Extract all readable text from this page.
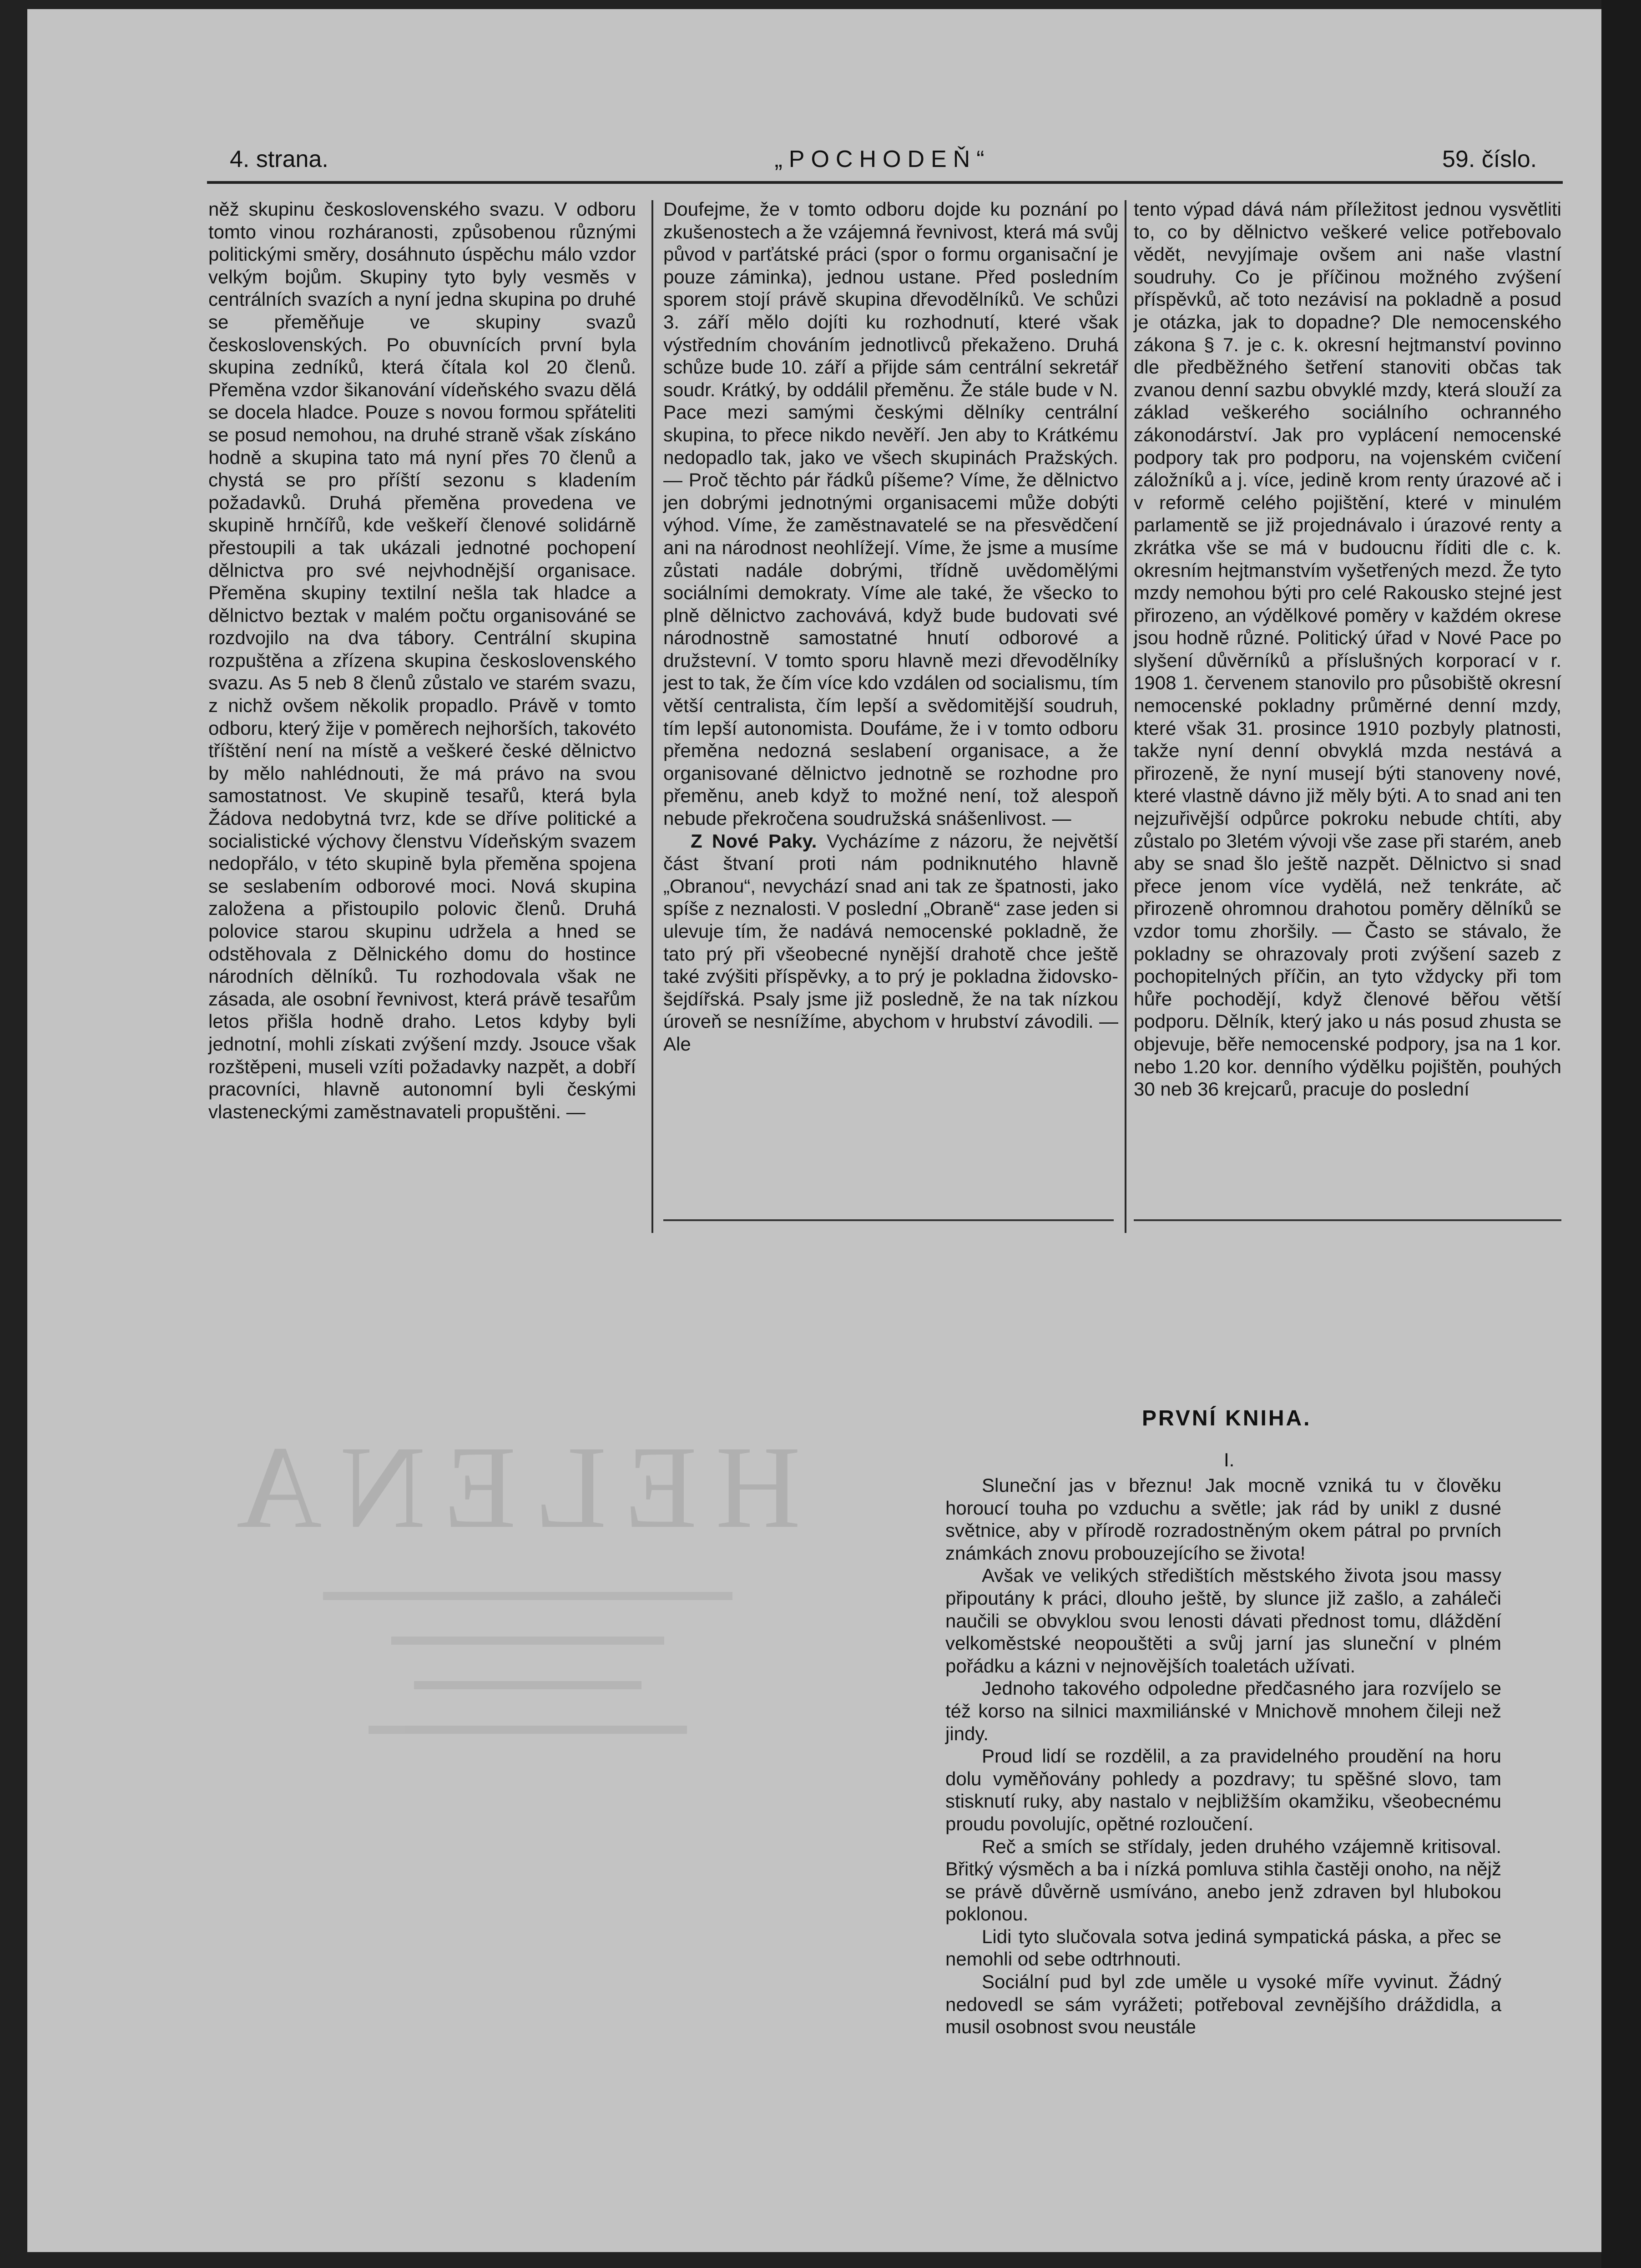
4. strana.	„POCHODEŇ“	59. číslo.

něž skupinu československého svazu. V odboru tomto vinou rozháranosti, způsobenou různými politickými směry, dosáhnuto úspěchu málo vzdor velkým bojům. Skupiny tyto byly vesměs v centrálních svazích a nyní jedna skupina po druhé se přeměňuje ve skupiny svazů československých. Po obuvnících první byla skupina zedníků, která čítala kol 20 členů. Přeměna vzdor šikanování vídeňského svazu dělá se docela hladce. Pouze s novou formou spřáteliti se posud nemohou, na druhé straně však získáno hodně a skupina tato má nyní přes 70 členů a chystá se pro příští sezonu s kladením požadavků. Druhá přeměna provedena ve skupině hrnčířů, kde veškeří členové solidárně přestoupili a tak ukázali jednotné pochopení dělnictva pro své nejvhodnější organisace. Přeměna skupiny textilní nešla tak hladce a dělnictvo beztak v malém počtu organisováné se rozdvojilo na dva tábory. Centrální skupina rozpuštěna a zřízena skupina československého svazu. As 5 neb 8 členů zůstalo ve starém svazu, z nichž ovšem několik propadlo. Právě v tomto odboru, který žije v poměrech nejhorších, takovéto tříštění není na místě a veškeré české dělnictvo by mělo nahlédnouti, že má právo na svou samostatnost. Ve skupině tesařů, která byla Žádova nedobytná tvrz, kde se dříve politické a socialistické výchovy členstvu Vídeňským svazem nedopřálo, v této skupině byla přeměna spojena se seslabením odborové moci. Nová skupina založena a přistoupilo polovic členů. Druhá polovice starou skupinu udržela a hned se odstěhovala z Dělnického domu do hostince národních dělníků. Tu rozhodovala však ne zásada, ale osobní řevnivost, která právě tesařům letos přišla hodně draho. Letos kdyby byli jednotní, mohli získati zvýšení mzdy. Jsouce však rozštěpeni, museli vzíti požadavky nazpět, a dobří pracovníci, hlavně autonomní byli českými vlasteneckými zaměstnavateli propuštěni. —

Doufejme, že v tomto odboru dojde ku poznání po zkušenostech a že vzájemná řevnivost, která má svůj původ v parťátské práci (spor o formu organisační je pouze záminka), jednou ustane. Před posledním sporem stojí právě skupina dřevodělníků. Ve schůzi 3. září mělo dojíti ku rozhodnutí, které však výstředním chováním jednotlivců překaženo. Druhá schůze bude 10. září a přijde sám centrální sekretář soudr. Krátký, by oddálil přeměnu. Že stále bude v N. Pace mezi samými českými dělníky centrální skupina, to přece nikdo nevěří. Jen aby to Krátkému nedopadlo tak, jako ve všech skupinách Pražských. — Proč těchto pár řádků píšeme? Víme, že dělnictvo jen dobrými jednotnými organisacemi může dobýti výhod. Víme, že zaměstnavatelé se na přesvědčení ani na národnost neohlížejí. Víme, že jsme a musíme zůstati nadále dobrými, třídně uvědomělými sociálními demokraty. Víme ale také, že všecko to plně dělnictvo zachovává, když bude budovati své národnostně samostatné hnutí odborové a družstevní. V tomto sporu hlavně mezi dřevodělníky jest to tak, že čím více kdo vzdálen od socialismu, tím větší centralista, čím lepší a svědomitější soudruh, tím lepší autonomista. Doufáme, že i v tomto odboru přeměna nedozná seslabení organisace, a že organisované dělnictvo jednotně se rozhodne pro přeměnu, aneb když to možné není, tož alespoň nebude překročena soudružská snášenlivost. —

Z Nové Paky. Vycházíme z názoru, že největší část štvaní proti nám podniknutého hlavně „Obranou“, nevychází snad ani tak ze špatnosti, jako spíše z neznalosti. V poslední „Obraně“ zase jeden si ulevuje tím, že nadává nemocenské pokladně, že tato prý při všeobecné nynější drahotě chce ještě také zvýšiti příspěvky, a to prý je pokladna židovsko-šejdířská. Psaly jsme již posledně, že na tak nízkou úroveň se nesnížíme, abychom v hrubství závodili. — Ale

tento výpad dává nám příležitost jednou vysvětliti to, co by dělnictvo veškeré velice potřebovalo vědět, nevyjímaje ovšem ani naše vlastní soudruhy. Co je příčinou možného zvýšení příspěvků, ač toto nezávisí na pokladně a posud je otázka, jak to dopadne? Dle nemocenského zákona § 7. je c. k. okresní hejtmanství povinno dle předběžného šetření stanoviti občas tak zvanou denní sazbu obvyklé mzdy, která slouží za základ veškerého sociálního ochranného zákonodárství. Jak pro vyplácení nemocenské podpory tak pro podporu, na vojenském cvičení záložníků a j. více, jedině krom renty úrazové ač i v reformě celého pojištění, které v minulém parlamentě se již projednávalo i úrazové renty a zkrátka vše se má v budoucnu říditi dle c. k. okresním hejtmanstvím vyšetřených mezd. Že tyto mzdy nemohou býti pro celé Rakousko stejné jest přirozeno, an výdělkové poměry v každém okrese jsou hodně různé. Politický úřad v Nové Pace po slyšení důvěrníků a příslušných korporací v r. 1908 1. červenem stanovilo pro působiště okresní nemocenské pokladny průměrné denní mzdy, které však 31. prosince 1910 pozbyly platnosti, takže nyní denní obvyklá mzda nestává a přirozeně, že nyní musejí býti stanoveny nové, které vlastně dávno již měly býti. A to snad ani ten nejzuřivější odpůrce pokroku nebude chtíti, aby zůstalo po 3letém vývoji vše zase při starém, aneb aby se snad šlo ještě nazpět. Dělnictvo si snad přece jenom více vydělá, než tenkráte, ač přirozeně ohromnou drahotou poměry dělníků se vzdor tomu zhoršily. — Často se stávalo, že pokladny se ohrazovaly proti zvýšení sazeb z pochopitelných příčin, an tyto vždycky při tom hůře pochodějí, když členové běřou větší podporu. Dělník, který jako u nás posud zhusta se objevuje, běře nemocenské podpory, jsa na 1 kor. nebo 1.20 kor. denního výdělku pojištěn, pouhých 30 neb 36 krejcarů, pracuje do poslední

HELENA
PRVNÍ KNIHA.
I.

Sluneční jas v březnu! Jak mocně vzniká tu v člověku horoucí touha po vzduchu a světle; jak rád by unikl z dusné světnice, aby v přírodě rozradostněným okem pátral po prvních známkách znovu probouzejícího se života!

Avšak ve velikých středištích městského života jsou massy připoutány k práci, dlouho ještě, by slunce již zašlo, a zaháleči naučili se obvyklou svou lenosti dávati přednost tomu, dláždění velkoměstské neopouštěti a svůj jarní jas sluneční v plném pořádku a kázni v nejnovějších toaletách užívati.

Jednoho takového odpoledne předčasného jara rozvíjelo se též korso na silnici maxmiliánské v Mnichově mnohem čileji než jindy.

Proud lidí se rozdělil, a za pravidelného proudění na horu dolu vyměňovány pohledy a pozdravy; tu spěšné slovo, tam stisknutí ruky, aby nastalo v nejbližším okamžiku, všeobecnému proudu povolujíc, opětné rozloučení.

Reč a smích se střídaly, jeden druhého vzájemně kritisoval. Břitký výsměch a ba i nízká pomluva stihla častěji onoho, na nějž se právě důvěrně usmíváno, anebo jenž zdraven byl hlubokou poklonou.

Lidi tyto slučovala sotva jediná sympatická páska, a přec se nemohli od sebe odtrhnouti.

Sociální pud byl zde uměle u vysoké míře vyvinut. Žádný nedovedl se sám vyrážeti; potřeboval zevnějšího dráždidla, a musil osobnost svou neustále
